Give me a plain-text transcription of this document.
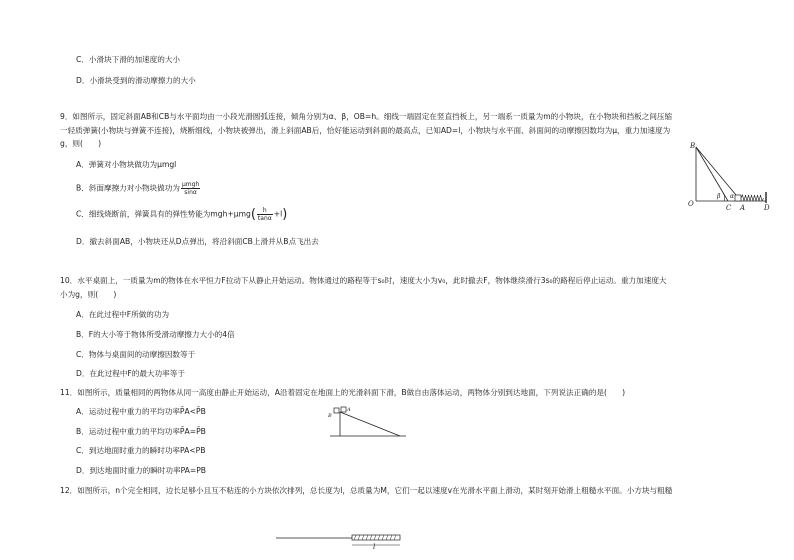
C．小滑块下滑的加速度的大小
D．小滑块受到的滑动摩擦力的大小
9．如图所示，固定斜面AB和CB与水平面均由一小段光滑圆弧连接，倾角分别为α、β，OB=h。细线一端固定在竖直挡板上，另一端系一质量为m的小物块，在小物块和挡板之间压缩
一轻质弹簧(小物块与弹簧不连接)，烧断细线，小物块被弹出，滑上斜面AB后，恰好能运动到斜面的最高点，已知AD=l，小物块与水平面、斜面间的动摩擦因数均为μ，重力加速度为
g，则(　　)
A．弹簧对小物块做功为μmgl
B．斜面摩擦力对小物块做功为 $\frac{\text{μmgh}}{\sin\alpha}$
C．细线烧断前，弹簧具有的弹性势能为$mgh+\mu mg( \frac{h}{\tan\alpha} +l)$
D．撤去斜面AB，小物块还从D点弹出，将沿斜面CB上滑并从B点飞出去
B
O
β α
C A	D
10．水平桌面上，一质量为m的物体在水平恒力F拉动下从静止开始运动。物体通过的路程等于s₀时，速度大小为v₀，此时撤去F，物体继续滑行3s₀的路程后停止运动。重力加速度大
小为g，则(　　)
A．在此过程中F所做的功为
B．F的大小等于物体所受滑动摩擦力大小的4倍
C．物体与桌面间的动摩擦因数等于
D．在此过程中F的最大功率等于
11．如图所示，质量相同的两物体从同一高度由静止开始运动，A沿着固定在地面上的光滑斜面下滑，B做自由落体运动，两物体分别到达地面，下列说法正确的是(　　)
A．运动过程中重力的平均功率P̄A<P̄B
B．运动过程中重力的平均功率P̄A=P̄B
C．到达地面时重力的瞬时功率PA<PB
D．到达地面时重力的瞬时功率PA=PB
B
A
12．如图所示，n个完全相同，边长足够小且互不粘连的小方块依次排列，总长度为l，总质量为M，它们一起以速度v在光滑水平面上滑动，某时刻开始滑上粗糙水平面。小方块与粗糙
l
